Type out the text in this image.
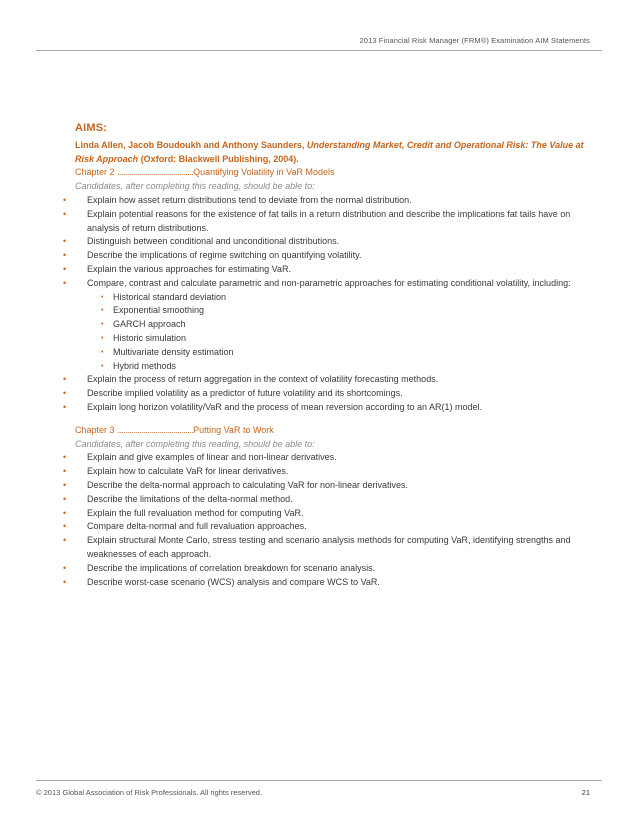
2013 Financial Risk Manager (FRM®) Examination AIM Statements
AIMS:
Linda Allen, Jacob Boudoukh and Anthony Saunders, Understanding Market, Credit and Operational Risk: The Value at Risk Approach (Oxford: Blackwell Publishing, 2004).
Chapter 2 ......................................Quantifying Volatility in VaR Models
Candidates, after completing this reading, should be able to:
• Explain how asset return distributions tend to deviate from the normal distribution.
• Explain potential reasons for the existence of fat tails in a return distribution and describe the implications fat tails have on analysis of return distributions.
• Distinguish between conditional and unconditional distributions.
• Describe the implications of regime switching on quantifying volatility.
• Explain the various approaches for estimating VaR.
• Compare, contrast and calculate parametric and non-parametric approaches for estimating conditional volatility, including:
• Historical standard deviation
• Exponential smoothing
• GARCH approach
• Historic simulation
• Multivariate density estimation
• Hybrid methods
• Explain the process of return aggregation in the context of volatility forecasting methods.
• Describe implied volatility as a predictor of future volatility and its shortcomings.
• Explain long horizon volatility/VaR and the process of mean reversion according to an AR(1) model.
Chapter 3 ......................................Putting VaR to Work
Candidates, after completing this reading, should be able to:
• Explain and give examples of linear and non-linear derivatives.
• Explain how to calculate VaR for linear derivatives.
• Describe the delta-normal approach to calculating VaR for non-linear derivatives.
• Describe the limitations of the delta-normal method.
• Explain the full revaluation method for computing VaR.
• Compare delta-normal and full revaluation approaches.
• Explain structural Monte Carlo, stress testing and scenario analysis methods for computing VaR, identifying strengths and weaknesses of each approach.
• Describe the implications of correlation breakdown for scenario analysis.
• Describe worst-case scenario (WCS) analysis and compare WCS to VaR.
© 2013 Global Association of Risk Professionals. All rights reserved.	21
